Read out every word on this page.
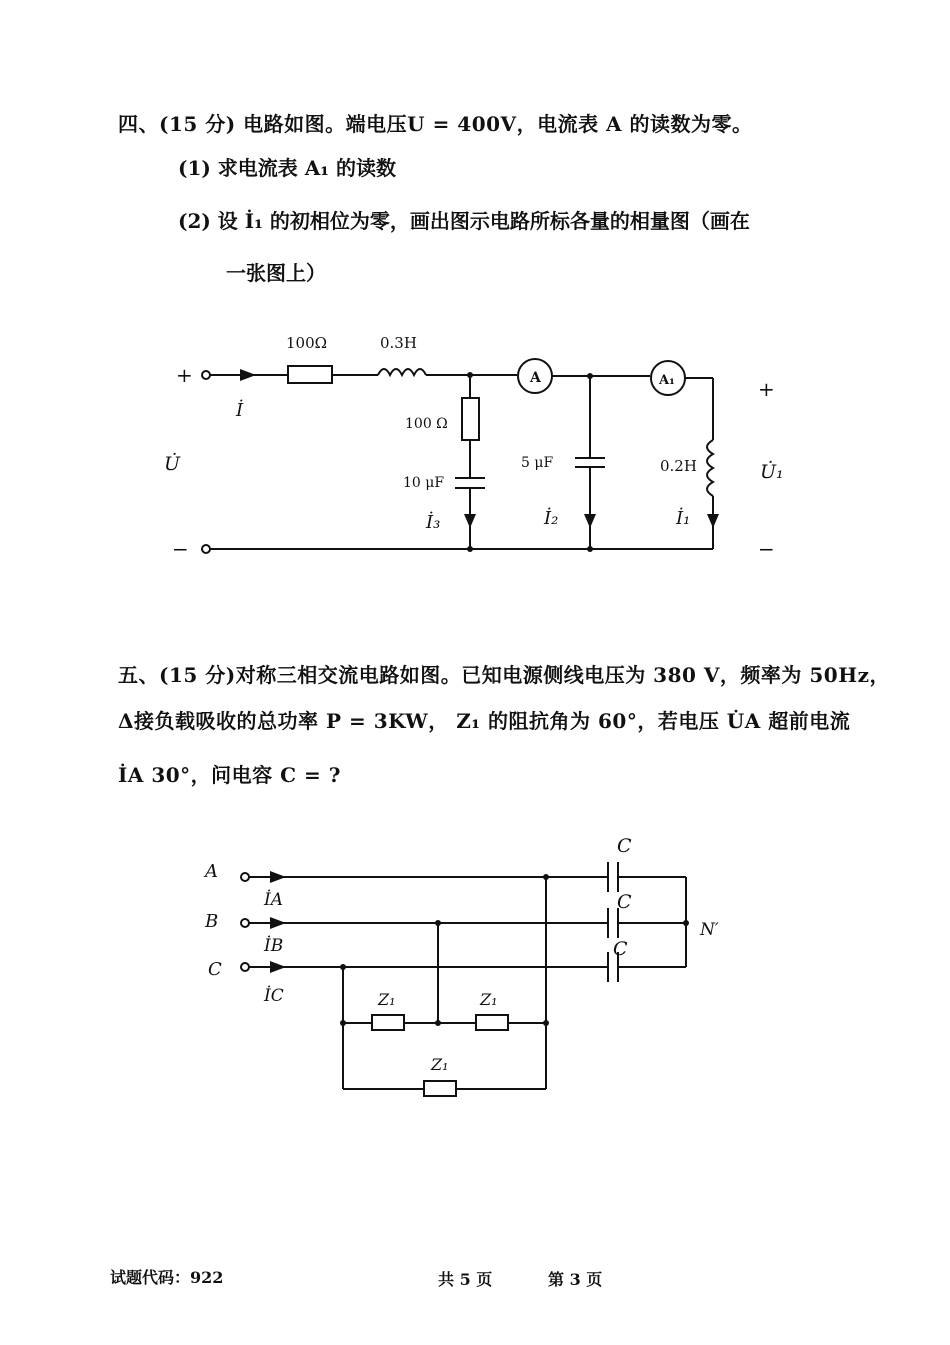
四、(15 分) 电路如图。端电压U = 400V，电流表 A 的读数为零。
(1) 求电流表 A₁ 的读数
(2) 设 İ₁ 的初相位为零，画出图示电路所标各量的相量图（画在
一张图上）
+
−
100Ω	0.3H
100 Ω
10 μF
5 μF	0.2H
A	A₁
İ
İ₁
İ₂
İ₃
U̇	U̇₁
+
−
五、(15 分)对称三相交流电路如图。已知电源侧线电压为 380 V，频率为 50Hz，
Δ接负载吸收的总功率 P = 3KW， Z₁ 的阻抗角为 60°，若电压 U̇A 超前电流
İA 30°，问电容 C = ?
A
B
C
İA
İB
İC
C
C
C
N′
Z₁	Z₁
Z₁
试题代码：922	共 5 页	第 3 页
